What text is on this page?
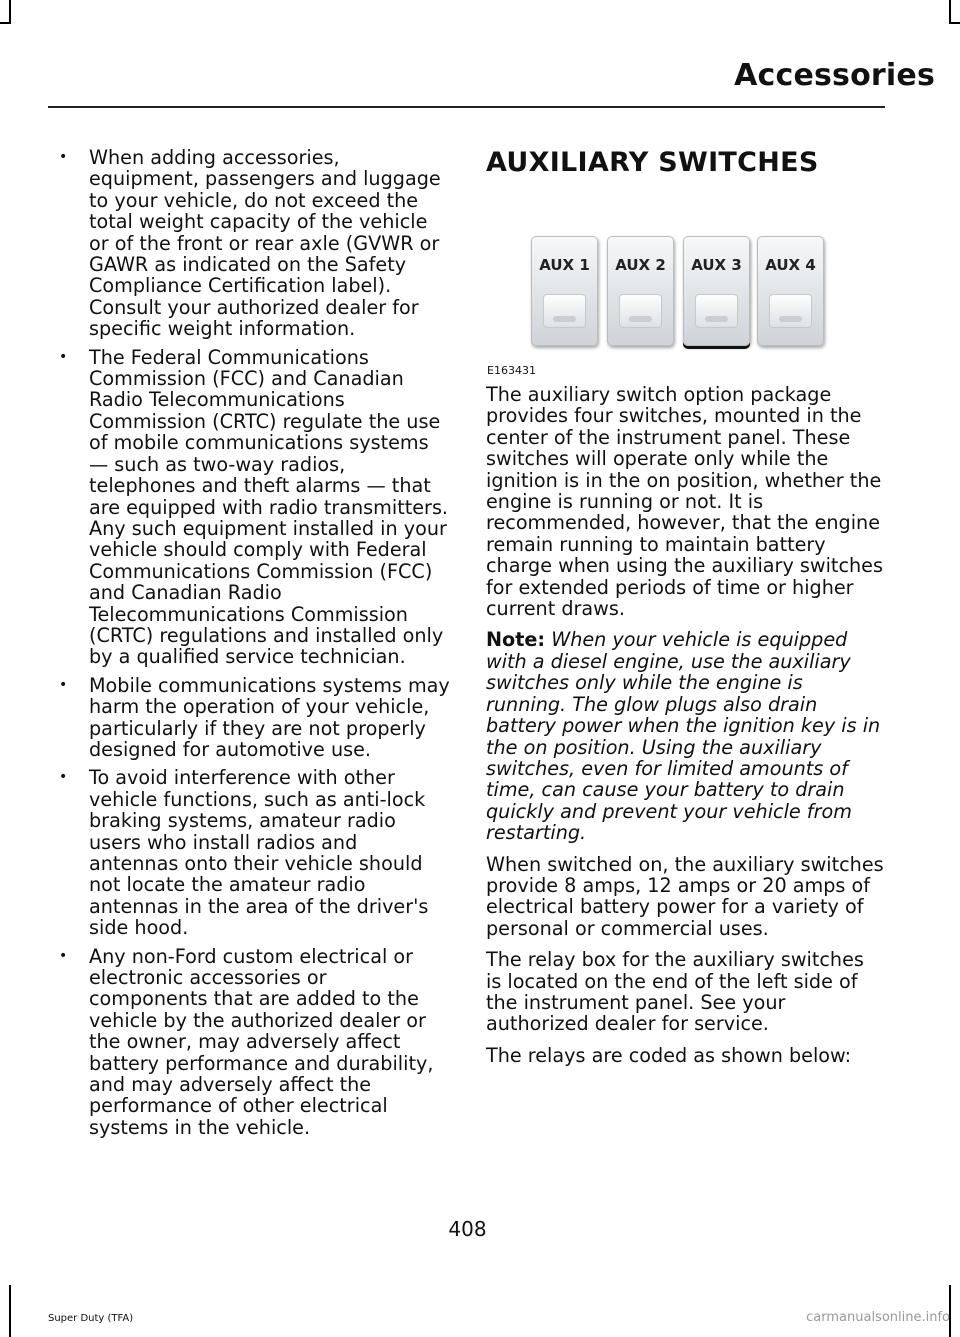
Accessories
• When adding accessories, equipment, passengers and luggage to your vehicle, do not exceed the total weight capacity of the vehicle or of the front or rear axle (GVWR or GAWR as indicated on the Safety Compliance Certification label). Consult your authorized dealer for specific weight information.
• The Federal Communications Commission (FCC) and Canadian Radio Telecommunications Commission (CRTC) regulate the use of mobile communications systems — such as two-way radios, telephones and theft alarms — that are equipped with radio transmitters. Any such equipment installed in your vehicle should comply with Federal Communications Commission (FCC) and Canadian Radio Telecommunications Commission (CRTC) regulations and installed only by a qualified service technician.
• Mobile communications systems may harm the operation of your vehicle, particularly if they are not properly designed for automotive use.
• To avoid interference with other vehicle functions, such as anti-lock braking systems, amateur radio users who install radios and antennas onto their vehicle should not locate the amateur radio antennas in the area of the driver's side hood.
• Any non-Ford custom electrical or electronic accessories or components that are added to the vehicle by the authorized dealer or the owner, may adversely affect battery performance and durability, and may adversely affect the performance of other electrical systems in the vehicle.
AUXILIARY SWITCHES
AUX 1	AUX 2	AUX 3	AUX 4
E163431

The auxiliary switch option package provides four switches, mounted in the center of the instrument panel. These switches will operate only while the ignition is in the on position, whether the engine is running or not. It is recommended, however, that the engine remain running to maintain battery charge when using the auxiliary switches for extended periods of time or higher current draws.

Note: When your vehicle is equipped with a diesel engine, use the auxiliary switches only while the engine is running. The glow plugs also drain battery power when the ignition key is in the on position. Using the auxiliary switches, even for limited amounts of time, can cause your battery to drain quickly and prevent your vehicle from restarting.

When switched on, the auxiliary switches provide 8 amps, 12 amps or 20 amps of electrical battery power for a variety of personal or commercial uses.

The relay box for the auxiliary switches is located on the end of the left side of the instrument panel. See your authorized dealer for service.

The relays are coded as shown below:

408
Super Duty (TFA)	carmanualsonline.info
